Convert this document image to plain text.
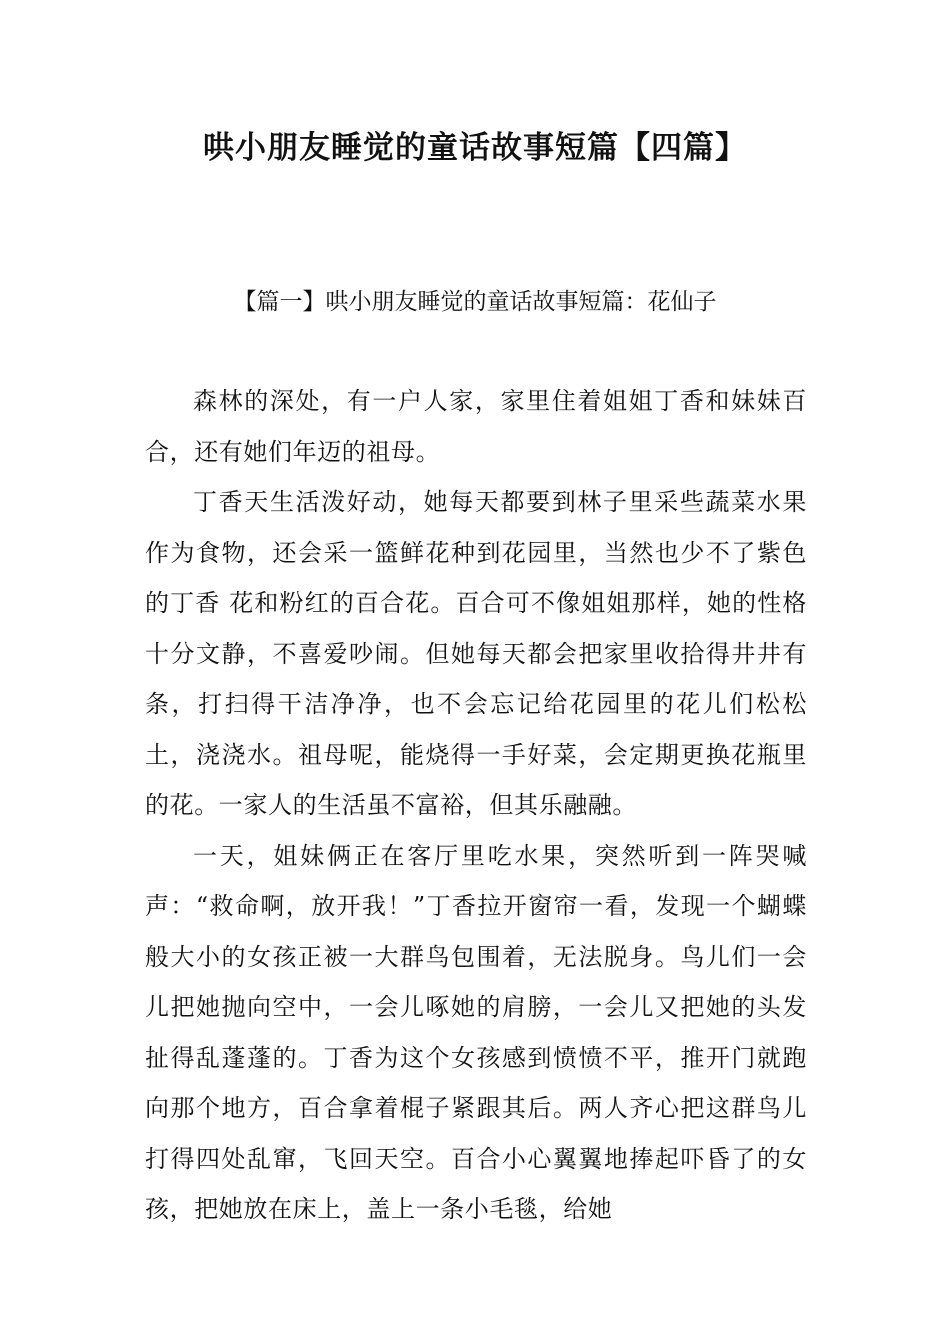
哄小朋友睡觉的童话故事短篇【四篇】
【篇一】哄小朋友睡觉的童话故事短篇：花仙子

森林的深处，有一户人家，家里住着姐姐丁香和妹妹百合，还有她们年迈的祖母。

丁香天生活泼好动，她每天都要到林子里采些蔬菜水果作为食物，还会采一篮鲜花种到花园里，当然也少不了紫色的丁香 花和粉红的百合花。百合可不像姐姐那样，她的性格十分文静，不喜爱吵闹。但她每天都会把家里收拾得井井有条，打扫得干洁净净，也不会忘记给花园里的花儿们松松土，浇浇水。祖母呢，能烧得一手好菜，会定期更换花瓶里的花。一家人的生活虽不富裕，但其乐融融。

一天，姐妹俩正在客厅里吃水果，突然听到一阵哭喊声：“救命啊，放开我！”丁香拉开窗帘一看，发现一个蝴蝶般大小的女孩正被一大群鸟包围着，无法脱身。鸟儿们一会儿把她抛向空中，一会儿啄她的肩膀，一会儿又把她的头发扯得乱蓬蓬的。丁香为这个女孩感到愤愤不平，推开门就跑向那个地方，百合拿着棍子紧跟其后。两人齐心把这群鸟儿打得四处乱窜，飞回天空。百合小心翼翼地捧起吓昏了的女孩，把她放在床上，盖上一条小毛毯，给她
